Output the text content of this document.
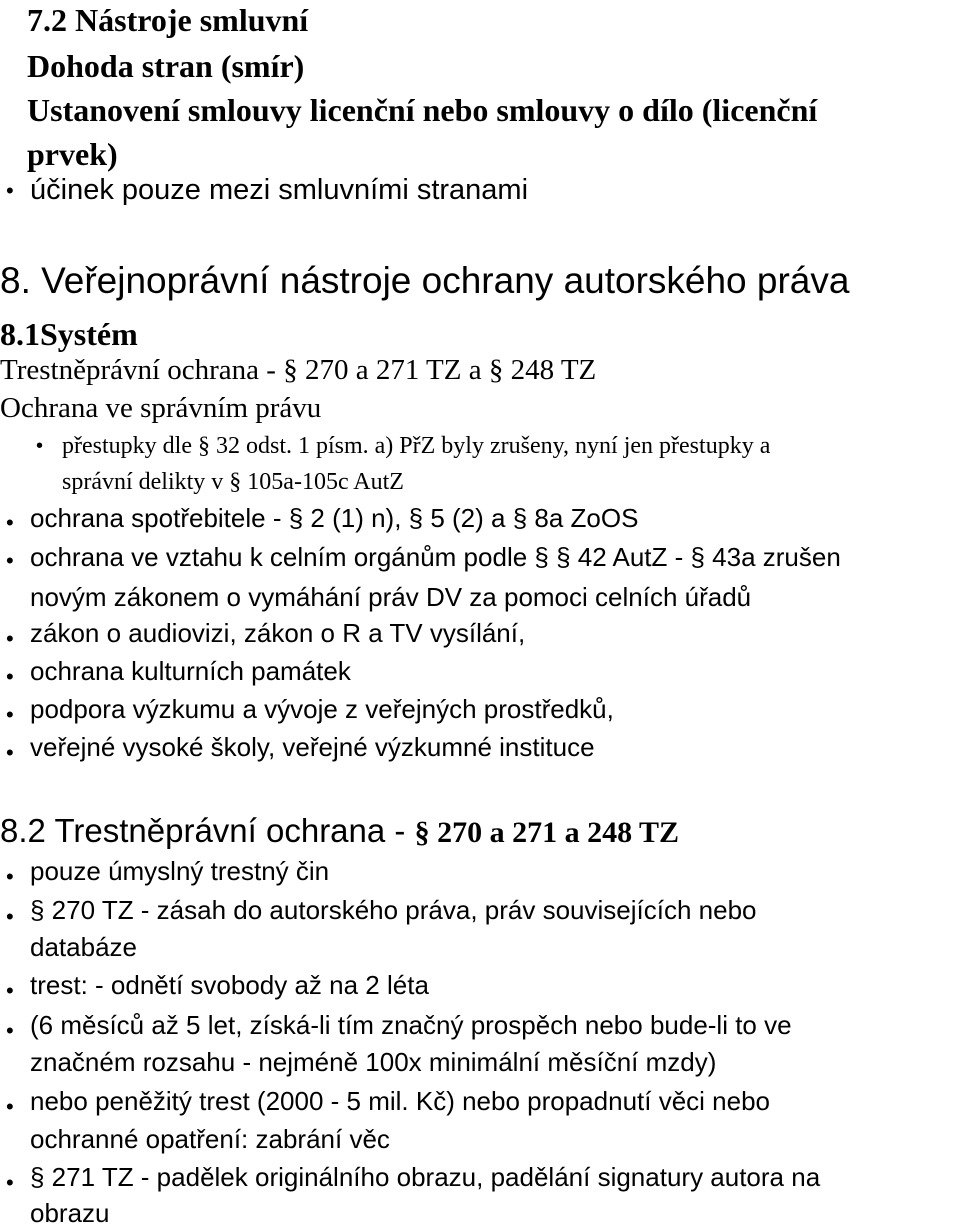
7.2 Nástroje smluvní
Dohoda stran (smír)
Ustanovení smlouvy licenční nebo smlouvy o dílo (licenční
prvek)
• účinek pouze mezi smluvními stranami
8. Veřejnoprávní nástroje ochrany autorského práva
8.1Systém
Trestněprávní ochrana - § 270 a 271 TZ a § 248 TZ
Ochrana ve správním právu
• přestupky dle § 32 odst. 1 písm. a) PřZ byly zrušeny, nyní jen přestupky a
správní delikty v § 105a-105c AutZ
• ochrana spotřebitele - § 2 (1) n), § 5 (2) a § 8a ZoOS
• ochrana ve vztahu k celním orgánům podle § § 42 AutZ - § 43a zrušen
novým zákonem o vymáhání práv DV za pomoci celních úřadů
• zákon o audiovizi, zákon o R a TV vysílání,
• ochrana kulturních památek
• podpora výzkumu a vývoje z veřejných prostředků,
• veřejné vysoké školy, veřejné výzkumné instituce
8.2 Trestněprávní ochrana - § 270 a 271 a 248 TZ
• pouze úmyslný trestný čin
• § 270 TZ - zásah do autorského práva, práv souvisejících nebo
databáze
• trest: - odnětí svobody až na 2 léta
• (6 měsíců až 5 let, získá-li tím značný prospěch nebo bude-li to ve
značném rozsahu - nejméně 100x minimální měsíční mzdy)
• nebo peněžitý trest (2000 - 5 mil. Kč) nebo propadnutí věci nebo
ochranné opatření: zabrání věc
• § 271 TZ - padělek originálního obrazu, padělání signatury autora na
obrazu
